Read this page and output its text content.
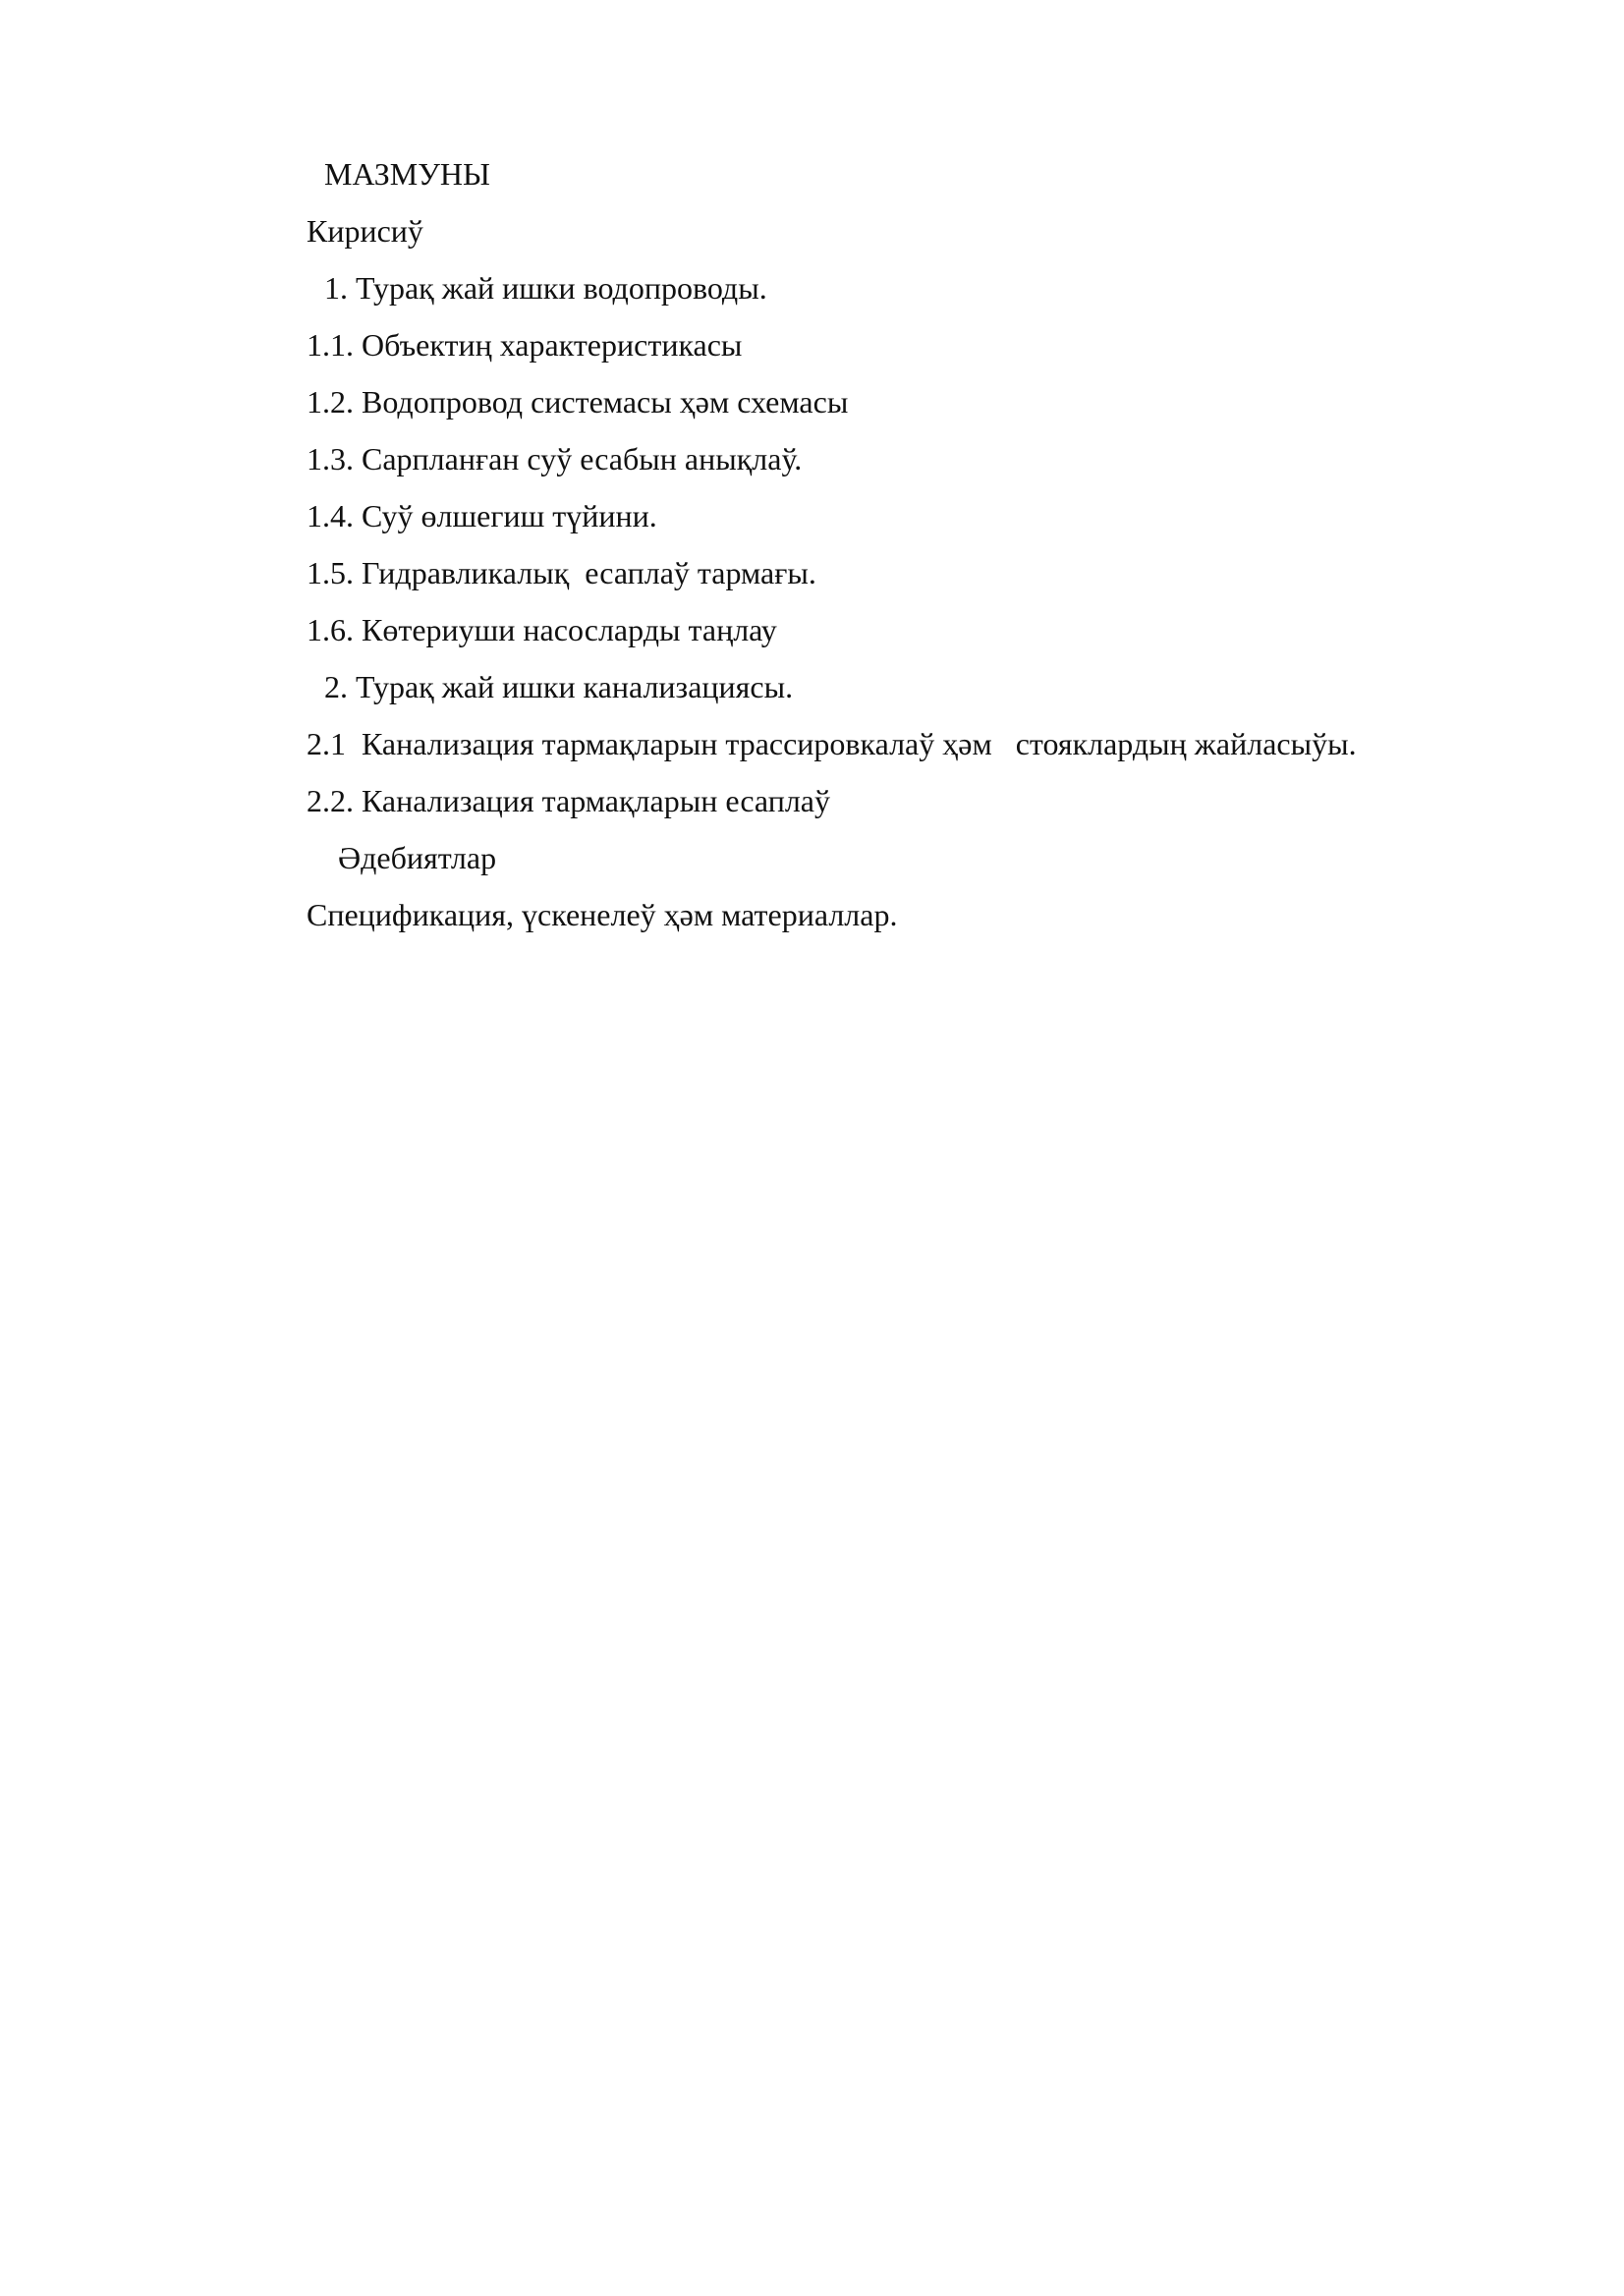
МАЗМУНЫ
Кирисиў
1. Турақ жай ишки водопроводы.
1.1. Объектиң характеристикасы
1.2. Водопровод системасы ҳәм схемасы
1.3. Сарпланған суў есабын анықлаў.
1.4. Суў өлшегиш түйини.
1.5. Гидравликалық  есаплаў тармағы.
1.6. Көтериуши насосларды таңлау
2. Турақ жай ишки канализациясы.
2.1  Канализация тармақларын трассировкалаў ҳәм   стояклардың жайласыўы.
2.2. Канализация тармақларын есаплаў
Әдебиятлар
Спецификация, үскенелеў ҳәм материаллар.
